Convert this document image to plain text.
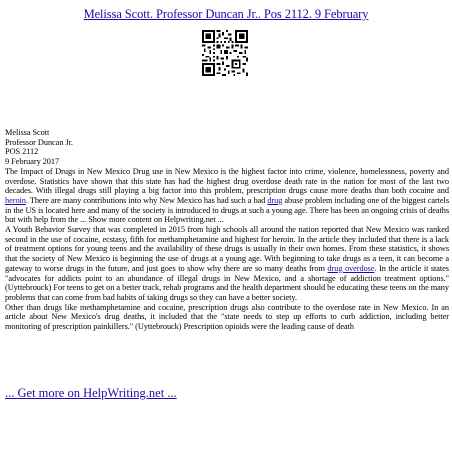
Melissa Scott. Professor Duncan Jr.. Pos 2112. 9 February
Melissa Scott
Professor Duncan Jr.
POS 2112
9 February 2017
The Impact of Drugs in New Mexico Drug use in New Mexico is the highest factor into crime, violence, homelessness, poverty and overdose. Statistics have shown that this state has had the highest drug overdose death rate in the nation for most of the last two decades. With illegal drugs still playing a big factor into this problem, prescription drugs cause more deaths than both cocaine and heroin. There are many contributions into why New Mexico has had such a bad drug abuse problem including one of the biggest cartels in the US is located here and many of the society is introduced to drugs at such a young age. There has been an ongoing crisis of deaths but with help from the ... Show more content on Helpwriting.net ...
A Youth Behavior Survey that was completed in 2015 from high schools all around the nation reported that New Mexico was ranked second in the use of cocaine, ecstasy, fifth for methamphetamine and highest for heroin. In the article they included that there is a lack of treatment options for young teens and the availability of these drugs is usually in their own homes. From these statistics, it shows that the society of New Mexico is beginning the use of drugs at a young age. With beginning to take drugs as a teen, it can become a gateway to worse drugs in the future, and just goes to show why there are so many deaths from drug overdose. In the article it states "advocates for addicts point to an abundance of illegal drugs in New Mexico, and a shortage of addiction treatment options." (Uyttebrouck) For teens to get on a better track, rehab programs and the health department should be educating these teens on the many problems that can come from bad habits of taking drugs so they can have a better society.
Other than drugs like methamphetamine and cocaine, prescription drugs also contribute to the overdose rate in New Mexico. In an article about New Mexico's drug deaths, it included that the "state needs to step up efforts to curb addiction, including better monitoring of prescription painkillers." (Uyttebrouck) Prescription opioids were the leading cause of death
... Get more on HelpWriting.net ...
